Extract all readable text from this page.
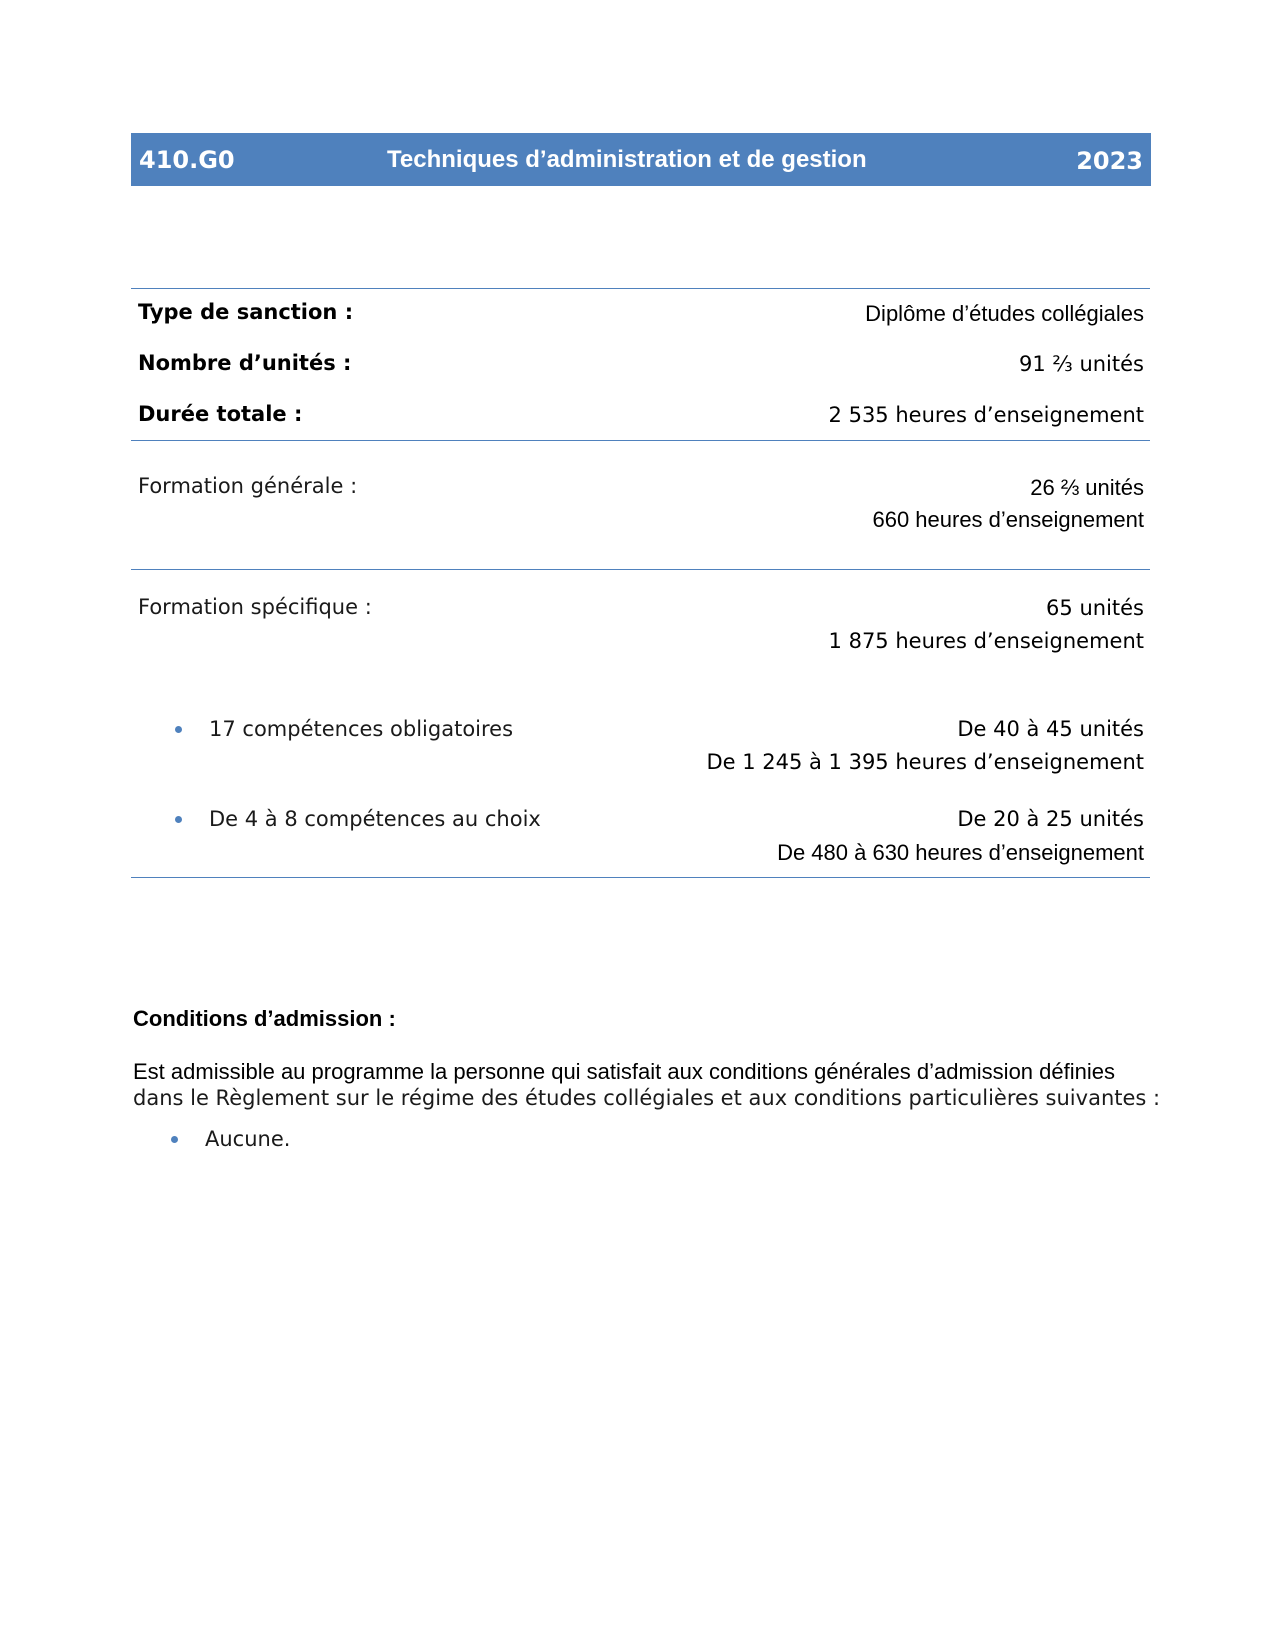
410.G0	Techniques d’administration et de gestion	2023
Type de sanction :	Diplôme d’études collégiales
Nombre d’unités :	91 ⅔ unités
Durée totale :	2 535 heures d’enseignement
Formation générale :	26 ⅔ unités
660 heures d’enseignement
Formation spécifique :	65 unités
1 875 heures d’enseignement
17 compétences obligatoires	De 40 à 45 unités
De 1 245 à 1 395 heures d’enseignement
De 4 à 8 compétences au choix	De 20 à 25 unités
De 480 à 630 heures d’enseignement
Conditions d’admission :
Est admissible au programme la personne qui satisfait aux conditions générales d’admission définies
dans le Règlement sur le régime des études collégiales et aux conditions particulières suivantes :
Aucune.
